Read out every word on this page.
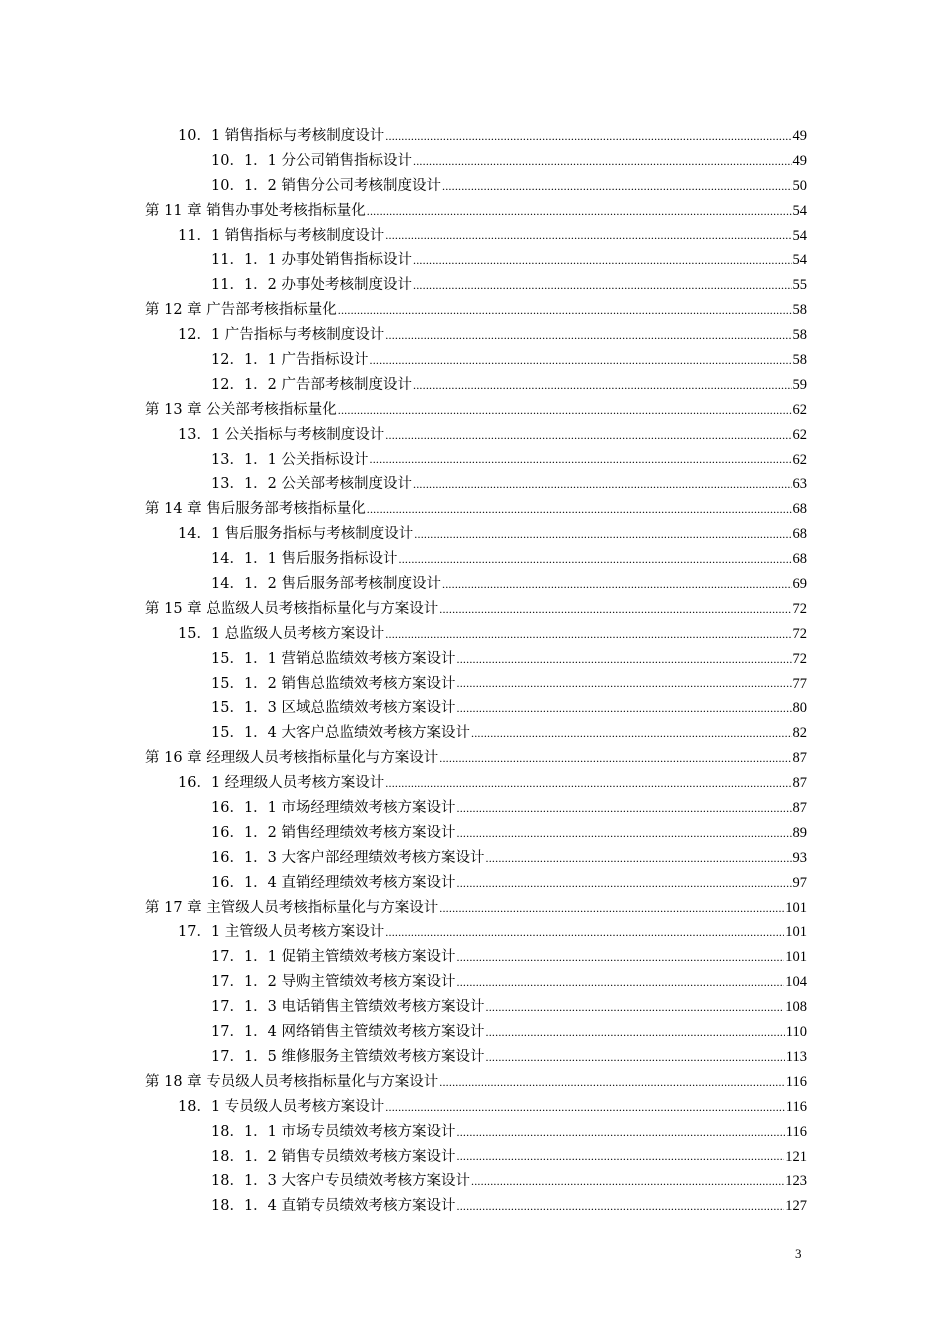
10．1 销售指标与考核制度设计 .....	49
10．1．1 分公司销售指标设计 .....	49
10．1．2 销售分公司考核制度设计 .....	50
第 11 章 销售办事处考核指标量化 .....	54
11．1 销售指标与考核制度设计 .....	54
11．1．1 办事处销售指标设计 .....	54
11．1．2 办事处考核制度设计 .....	55
第 12 章 广告部考核指标量化 .....	58
12．1 广告指标与考核制度设计 .....	58
12．1．1 广告指标设计 .....	58
12．1．2 广告部考核制度设计 .....	59
第 13 章 公关部考核指标量化 .....	62
13．1 公关指标与考核制度设计 .....	62
13．1．1 公关指标设计 .....	62
13．1．2 公关部考核制度设计 .....	63
第 14 章 售后服务部考核指标量化 .....	68
14．1 售后服务指标与考核制度设计 .....	68
14．1．1 售后服务指标设计 .....	68
14．1．2 售后服务部考核制度设计 .....	69
第 15 章 总监级人员考核指标量化与方案设计 .....	72
15．1 总监级人员考核方案设计 .....	72
15．1．1 营销总监绩效考核方案设计 .....	72
15．1．2 销售总监绩效考核方案设计 .....	77
15．1．3 区域总监绩效考核方案设计 .....	80
15．1．4 大客户总监绩效考核方案设计 .....	82
第 16 章 经理级人员考核指标量化与方案设计 .....	87
16．1 经理级人员考核方案设计 .....	87
16．1．1 市场经理绩效考核方案设计 .....	87
16．1．2 销售经理绩效考核方案设计 .....	89
16．1．3 大客户部经理绩效考核方案设计 .....	93
16．1．4 直销经理绩效考核方案设计 .....	97
第 17 章 主管级人员考核指标量化与方案设计 .....	101
17．1 主管级人员考核方案设计 .....	101
17．1．1 促销主管绩效考核方案设计 .....	101
17．1．2 导购主管绩效考核方案设计 .....	104
17．1．3 电话销售主管绩效考核方案设计 .....	108
17．1．4 网络销售主管绩效考核方案设计 .....	110
17．1．5 维修服务主管绩效考核方案设计 .....	113
第 18 章 专员级人员考核指标量化与方案设计 .....	116
18．1 专员级人员考核方案设计 .....	116
18．1．1 市场专员绩效考核方案设计 .....	116
18．1．2 销售专员绩效考核方案设计 .....	121
18．1．3 大客户专员绩效考核方案设计 .....	123
18．1．4 直销专员绩效考核方案设计 .....	127
3
